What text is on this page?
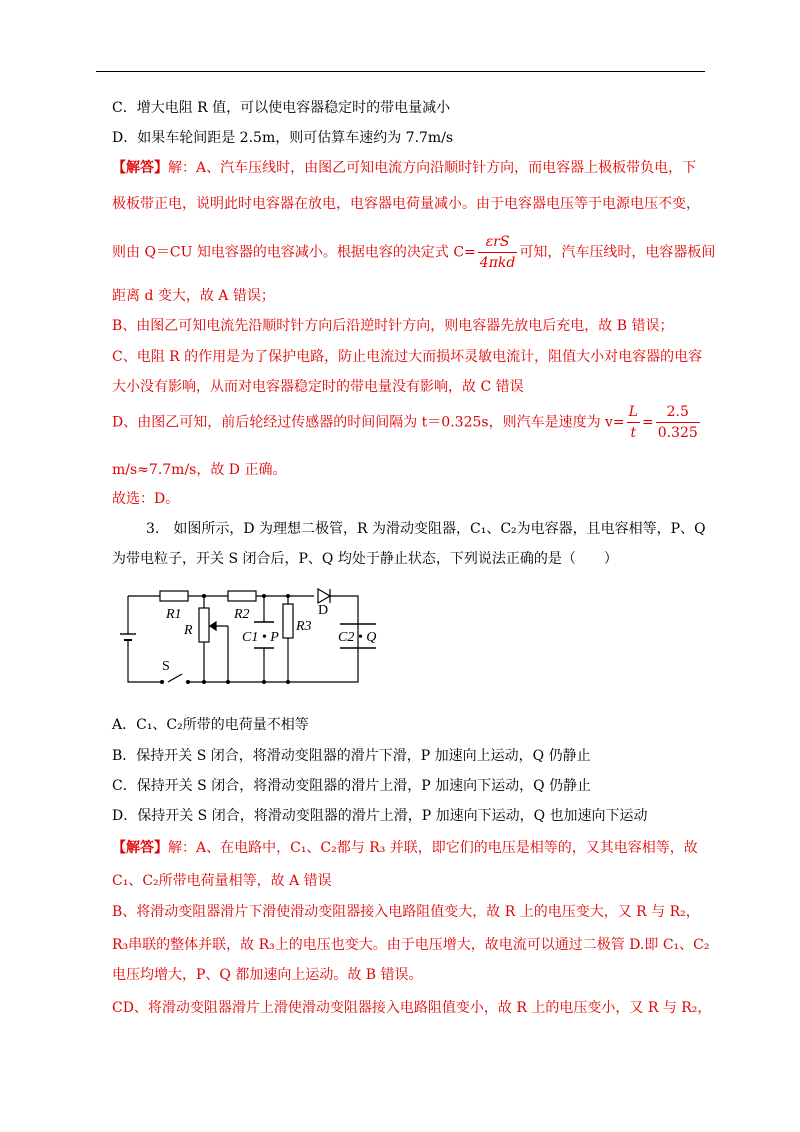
C．增大电阻 R 值，可以使电容器稳定时的带电量减小
D．如果车轮间距是 2.5m，则可估算车速约为 7.7m/s
【解答】解：A、汽车压线时，由图乙可知电流方向沿顺时针方向，而电容器上极板带负电，下
极板带正电，说明此时电容器在放电，电容器电荷量减小。由于电容器电压等于电源电压不变，
则由 Q＝CU 知电容器的电容减小。根据电容的决定式 $C= \frac{\text{εrS}}{\text{4πkd}}$ 可知，汽车压线时，电容器板间
距离 d 变大，故 A 错误；
B、由图乙可知电流先沿顺时针方向后沿逆时针方向，则电容器先放电后充电，故 B 错误；
C、电阻 R 的作用是为了保护电路，防止电流过大而损坏灵敏电流计，阻值大小对电容器的电容
大小没有影响，从而对电容器稳定时的带电量没有影响，故 C 错误
D、由图乙可知，前后轮经过传感器的时间间隔为 t＝0.325s，则汽车是速度为 $v= \frac{L}{t} = \frac{2.5}{0.325}$
m/s≈7.7m/s，故 D 正确。
故选：D。
3.　如图所示，D 为理想二极管，R 为滑动变阻器，C₁、C₂为电容器，且电容相等，P、Q
为带电粒子，开关 S 闭合后，P、Q 均处于静止状态，下列说法正确的是（　　）
R1	R2
R	R3
D
C1 • P	C2 • Q
S
A．C₁、C₂所带的电荷量不相等
B．保持开关 S 闭合，将滑动变阻器的滑片下滑，P 加速向上运动，Q 仍静止
C．保持开关 S 闭合，将滑动变阻器的滑片上滑，P 加速向下运动，Q 仍静止
D．保持开关 S 闭合，将滑动变阻器的滑片上滑，P 加速向下运动，Q 也加速向下运动
【解答】解：A、在电路中，C₁、C₂都与 R₃ 并联，即它们的电压是相等的，又其电容相等，故
C₁、C₂所带电荷量相等，故 A 错误
B、将滑动变阻器滑片下滑使滑动变阻器接入电路阻值变大，故 R 上的电压变大，又 R 与 R₂，
R₃串联的整体并联，故 R₃上的电压也变大。由于电压增大，故电流可以通过二极管 D.即 C₁、C₂
电压均增大，P、Q 都加速向上运动。故 B 错误。
CD、将滑动变阻器滑片上滑使滑动变阻器接入电路阻值变小，故 R 上的电压变小，又 R 与 R₂，
